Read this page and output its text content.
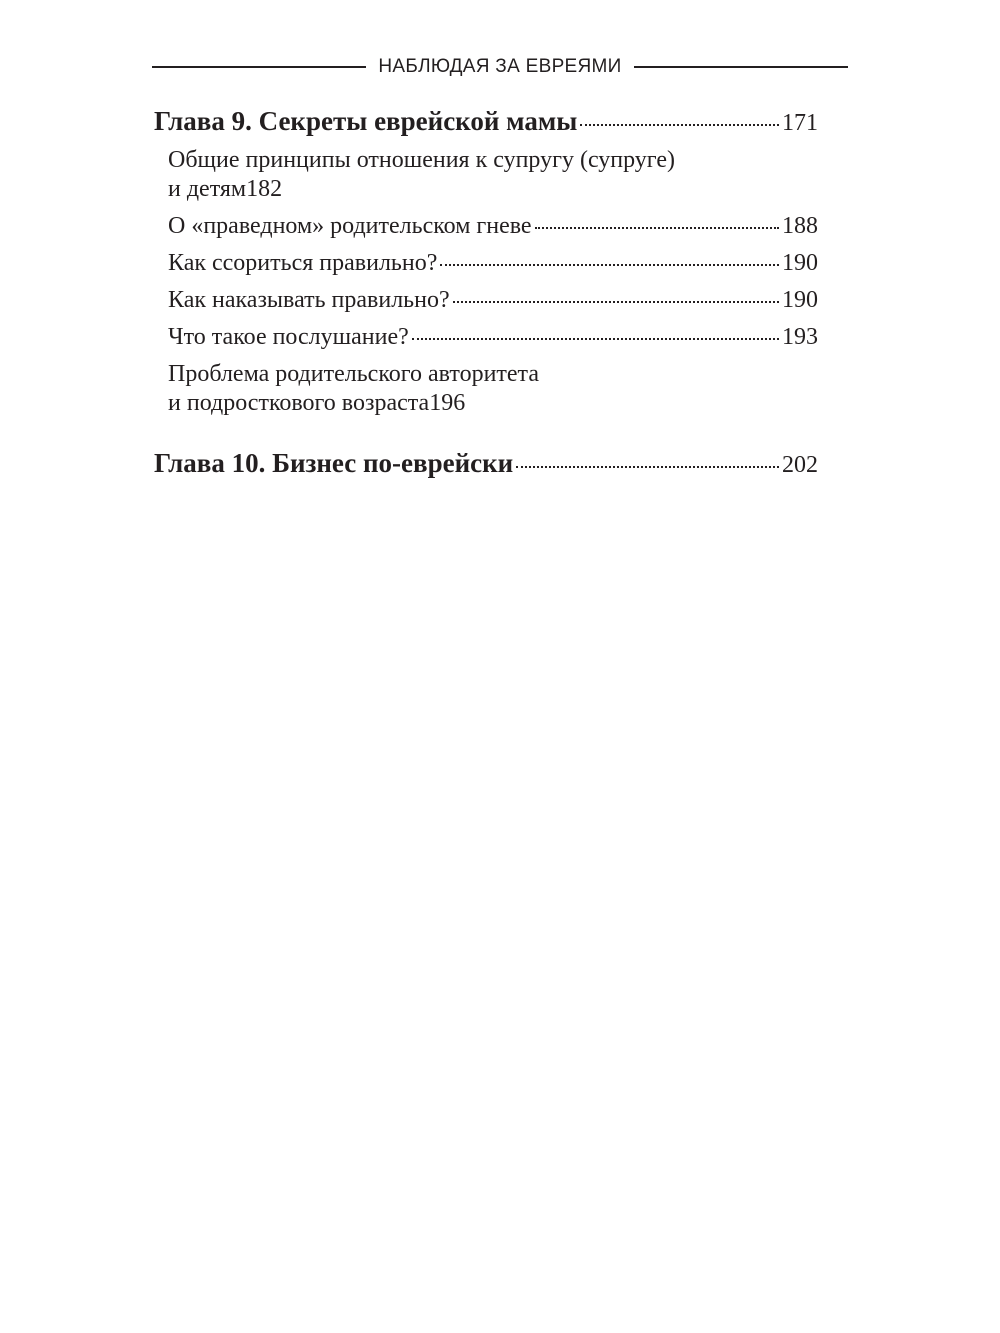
НАБЛЮДАЯ ЗА ЕВРЕЯМИ
Глава 9. Секреты еврейской мамы	171
Общие принципы отношения к супругу (супруге)
и детям 182
О «праведном» родительском гневе	188
Как ссориться правильно?	190
Как наказывать правильно?	190
Что такое послушание?	193
Проблема родительского авторитета
и подросткового возраста 196
Глава 10. Бизнес по-еврейски	202
